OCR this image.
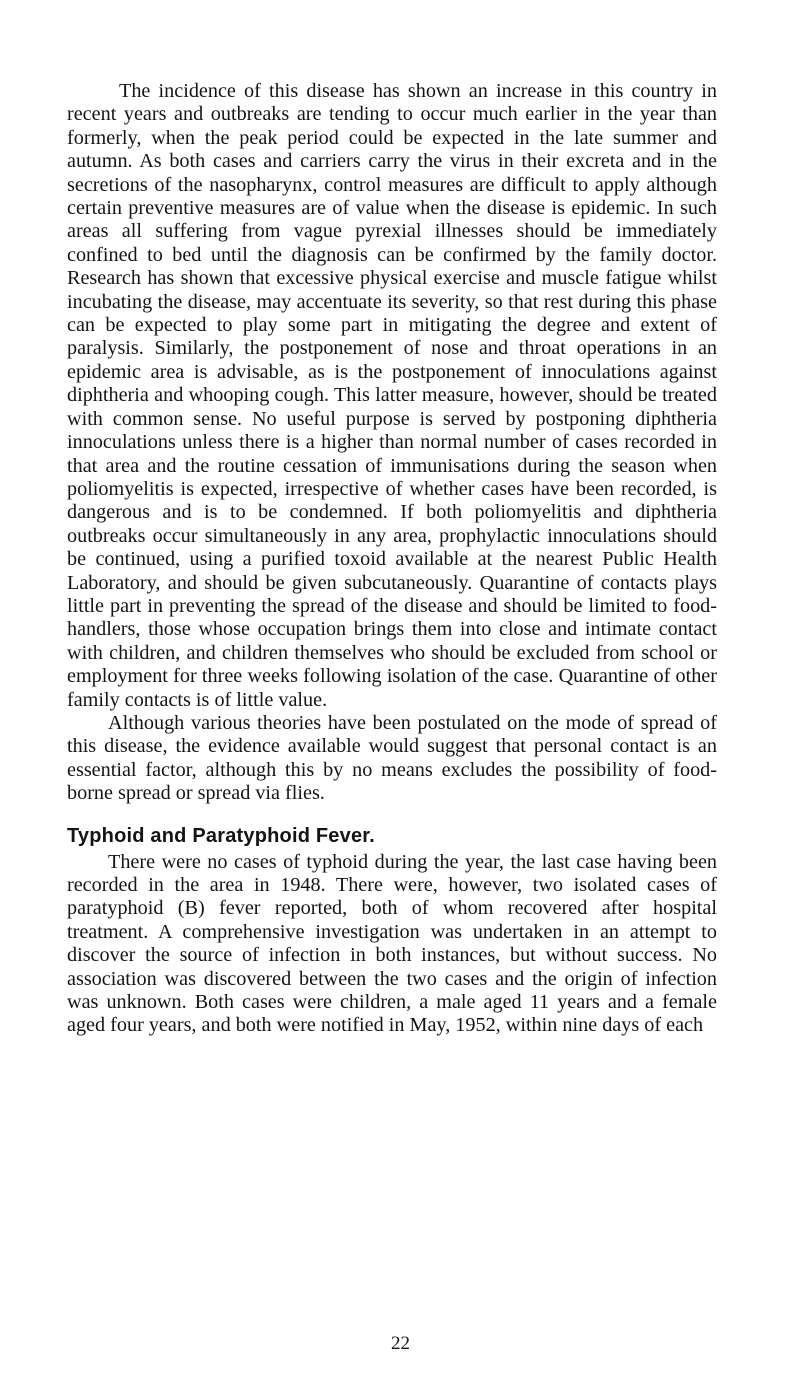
The incidence of this disease has shown an increase in this country in recent years and outbreaks are tending to occur much earlier in the year than formerly, when the peak period could be expected in the late summer and autumn. As both cases and carriers carry the virus in their excreta and in the secretions of the nasopharynx, control measures are difficult to apply although certain preventive measures are of value when the disease is epidemic. In such areas all suffering from vague pyrexial illnesses should be immediately confined to bed until the diagnosis can be confirmed by the family doctor. Research has shown that excessive physical exercise and muscle fatigue whilst incubating the disease, may accentuate its severity, so that rest during this phase can be expected to play some part in mitigating the degree and extent of paralysis. Similarly, the postponement of nose and throat operations in an epidemic area is advisable, as is the postponement of innoculations against diphtheria and whooping cough. This latter measure, however, should be treated with common sense. No useful purpose is served by postponing diphtheria innoculations unless there is a higher than normal number of cases recorded in that area and the routine cessation of immunisations during the season when poliomyelitis is expected, irrespective of whether cases have been recorded, is dangerous and is to be condemned. If both poliomyelitis and diphtheria outbreaks occur simultaneously in any area, prophylactic innoculations should be continued, using a purified toxoid available at the nearest Public Health Laboratory, and should be given subcutaneously. Quarantine of contacts plays little part in preventing the spread of the disease and should be limited to food-handlers, those whose occupation brings them into close and intimate contact with children, and children themselves who should be excluded from school or employment for three weeks following isolation of the case. Quarantine of other family contacts is of little value.

Although various theories have been postulated on the mode of spread of this disease, the evidence available would suggest that personal contact is an essential factor, although this by no means excludes the possibility of food-borne spread or spread via flies.

Typhoid and Paratyphoid Fever.

There were no cases of typhoid during the year, the last case having been recorded in the area in 1948. There were, however, two isolated cases of paratyphoid (B) fever reported, both of whom recovered after hospital treatment. A comprehensive investigation was undertaken in an attempt to discover the source of infection in both instances, but without success. No association was discovered between the two cases and the origin of infection was unknown. Both cases were children, a male aged 11 years and a female aged four years, and both were notified in May, 1952, within nine days of each

22
